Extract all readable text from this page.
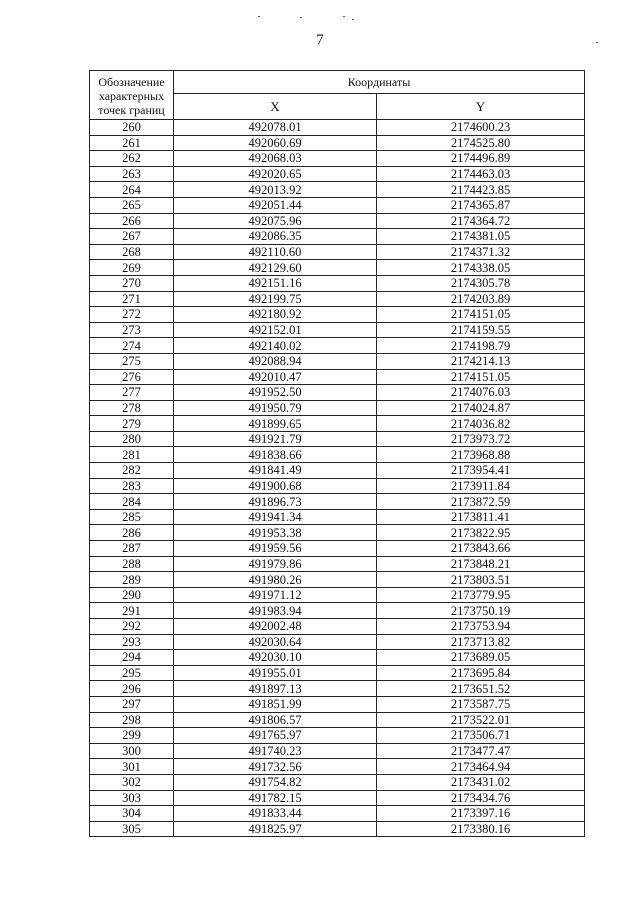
7
Обозначение
характерных
точек границ	Координаты	
	X	Y
260	492078.01	2174600.23
261	492060.69	2174525.80
262	492068.03	2174496.89
263	492020.65	2174463.03
264	492013.92	2174423.85
265	492051.44	2174365.87
266	492075.96	2174364.72
267	492086.35	2174381.05
268	492110.60	2174371.32
269	492129.60	2174338.05
270	492151.16	2174305.78
271	492199.75	2174203.89
272	492180.92	2174151.05
273	492152.01	2174159.55
274	492140.02	2174198.79
275	492088.94	2174214.13
276	492010.47	2174151.05
277	491952.50	2174076.03
278	491950.79	2174024.87
279	491899.65	2174036.82
280	491921.79	2173973.72
281	491838.66	2173968.88
282	491841.49	2173954.41
283	491900.68	2173911.84
284	491896.73	2173872.59
285	491941.34	2173811.41
286	491953.38	2173822.95
287	491959.56	2173843.66
288	491979.86	2173848.21
289	491980.26	2173803.51
290	491971.12	2173779.95
291	491983.94	2173750.19
292	492002.48	2173753.94
293	492030.64	2173713.82
294	492030.10	2173689.05
295	491955.01	2173695.84
296	491897.13	2173651.52
297	491851.99	2173587.75
298	491806.57	2173522.01
299	491765.97	2173506.71
300	491740.23	2173477.47
301	491732.56	2173464.94
302	491754.82	2173431.02
303	491782.15	2173434.76
304	491833.44	2173397.16
305	491825.97	2173380.16
